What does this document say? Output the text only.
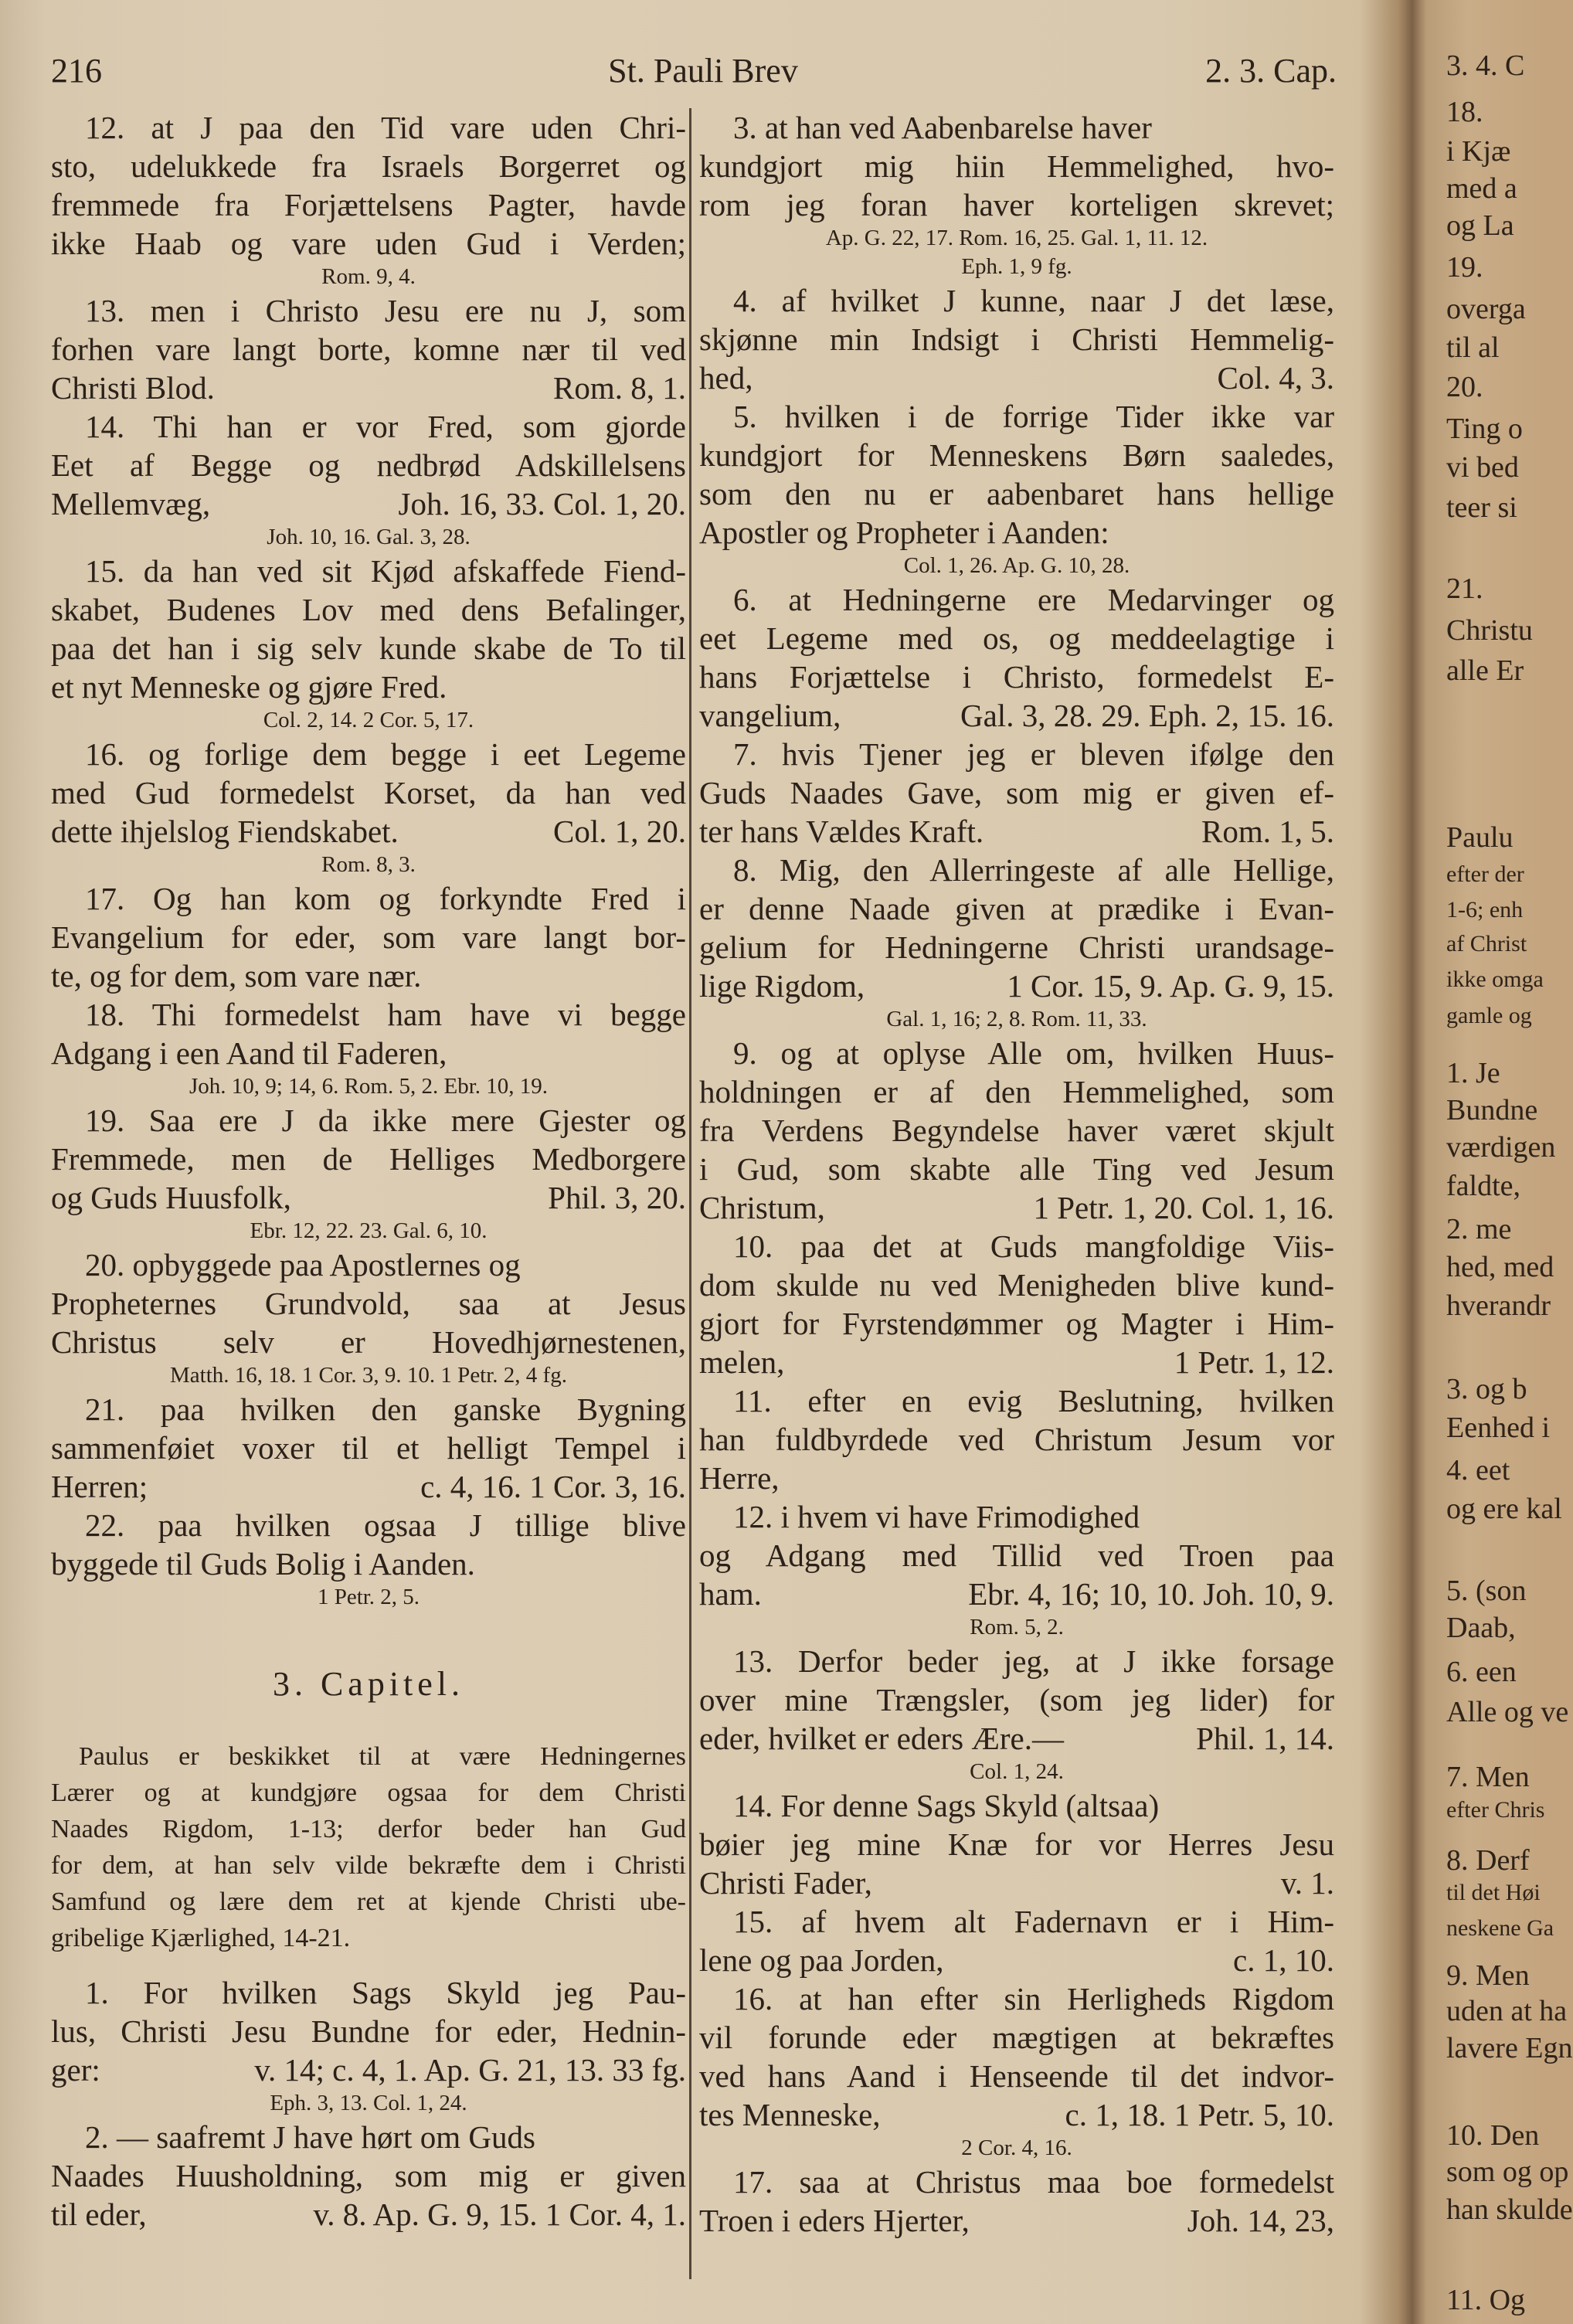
216	St. Pauli Brev	2. 3. Cap.
12. at J paa den Tid vare uden Chri-
sto, udelukkede fra Israels Borgerret og
fremmede fra Forjættelsens Pagter, havde
ikke Haab og vare uden Gud i Verden;
Rom. 9, 4.
13. men i Christo Jesu ere nu J, som
forhen vare langt borte, komne nær til ved
Christi Blod.	Rom. 8, 1.
14. Thi han er vor Fred, som gjorde
Eet af Begge og nedbrød Adskillelsens
Mellemvæg,	Joh. 16, 33. Col. 1, 20.
Joh. 10, 16. Gal. 3, 28.
15. da han ved sit Kjød afskaffede Fiend-
skabet, Budenes Lov med dens Befalinger,
paa det han i sig selv kunde skabe de To til
et nyt Menneske og gjøre Fred.
Col. 2, 14. 2 Cor. 5, 17.
16. og forlige dem begge i eet Legeme
med Gud formedelst Korset, da han ved
dette ihjelslog Fiendskabet.	Col. 1, 20.
Rom. 8, 3.
17. Og han kom og forkyndte Fred i
Evangelium for eder, som vare langt bor-
te, og for dem, som vare nær.
18. Thi formedelst ham have vi begge
Adgang i een Aand til Faderen,
Joh. 10, 9; 14, 6. Rom. 5, 2. Ebr. 10, 19.
19. Saa ere J da ikke mere Gjester og
Fremmede, men de Helliges Medborgere
og Guds Huusfolk,	Phil. 3, 20.
Ebr. 12, 22. 23. Gal. 6, 10.
20. opbyggede paa Apostlernes og
Propheternes Grundvold, saa at Jesus
Christus selv er Hovedhjørnestenen,
Matth. 16, 18. 1 Cor. 3, 9. 10. 1 Petr. 2, 4 fg.
21. paa hvilken den ganske Bygning
sammenføiet voxer til et helligt Tempel i
Herren;	c. 4, 16. 1 Cor. 3, 16.
22. paa hvilken ogsaa J tillige blive
byggede til Guds Bolig i Aanden.
1 Petr. 2, 5.
3. Capitel.
Paulus er beskikket til at være Hedningernes
Lærer og at kundgjøre ogsaa for dem Christi
Naades Rigdom, 1-13; derfor beder han Gud
for dem, at han selv vilde bekræfte dem i Christi
Samfund og lære dem ret at kjende Christi ube-
gribelige Kjærlighed, 14-21.
1. For hvilken Sags Skyld jeg Pau-
lus, Christi Jesu Bundne for eder, Hednin-
ger:	v. 14; c. 4, 1. Ap. G. 21, 13. 33 fg.
Eph. 3, 13. Col. 1, 24.
2. — saafremt J have hørt om Guds
Naades Huusholdning, som mig er given
til eder,	v. 8. Ap. G. 9, 15. 1 Cor. 4, 1.
3. at han ved Aabenbarelse haver
kundgjort mig hiin Hemmelighed, hvo-
rom jeg foran haver korteligen skrevet;
Ap. G. 22, 17. Rom. 16, 25. Gal. 1, 11. 12.
Eph. 1, 9 fg.
4. af hvilket J kunne, naar J det læse,
skjønne min Indsigt i Christi Hemmelig-
hed,	Col. 4, 3.
5. hvilken i de forrige Tider ikke var
kundgjort for Menneskens Børn saaledes,
som den nu er aabenbaret hans hellige
Apostler og Propheter i Aanden:
Col. 1, 26. Ap. G. 10, 28.
6. at Hedningerne ere Medarvinger og
eet Legeme med os, og meddeelagtige i
hans Forjættelse i Christo, formedelst E-
vangelium,	Gal. 3, 28. 29. Eph. 2, 15. 16.
7. hvis Tjener jeg er bleven ifølge den
Guds Naades Gave, som mig er given ef-
ter hans Vældes Kraft.	Rom. 1, 5.
8. Mig, den Allerringeste af alle Hellige,
er denne Naade given at prædike i Evan-
gelium for Hedningerne Christi urandsage-
lige Rigdom,	1 Cor. 15, 9. Ap. G. 9, 15.
Gal. 1, 16; 2, 8. Rom. 11, 33.
9. og at oplyse Alle om, hvilken Huus-
holdningen er af den Hemmelighed, som
fra Verdens Begyndelse haver været skjult
i Gud, som skabte alle Ting ved Jesum
Christum,	1 Petr. 1, 20. Col. 1, 16.
10. paa det at Guds mangfoldige Viis-
dom skulde nu ved Menigheden blive kund-
gjort for Fyrstendømmer og Magter i Him-
melen,	1 Petr. 1, 12.
11. efter en evig Beslutning, hvilken
han fuldbyrdede ved Christum Jesum vor
Herre,
12. i hvem vi have Frimodighed
og Adgang med Tillid ved Troen paa
ham.	Ebr. 4, 16; 10, 10. Joh. 10, 9.
Rom. 5, 2.
13. Derfor beder jeg, at J ikke forsage
over mine Trængsler, (som jeg lider) for
eder, hvilket er eders Ære.—	Phil. 1, 14.
Col. 1, 24.
14. For denne Sags Skyld (altsaa)
bøier jeg mine Knæ for vor Herres Jesu
Christi Fader,	v. 1.
15. af hvem alt Fadernavn er i Him-
lene og paa Jorden,	c. 1, 10.
16. at han efter sin Herligheds Rigdom
vil forunde eder mægtigen at bekræftes
ved hans Aand i Henseende til det indvor-
tes Menneske,	c. 1, 18. 1 Petr. 5, 10.
2 Cor. 4, 16.
17. saa at Christus maa boe formedelst
Troen i eders Hjerter,	Joh. 14, 23,
3. 4. C
18.
i Kjæ
med a
og La
19.
overga
til al
20.
Ting o
vi bed
teer si
21.
Christu
alle Er
Paulu
efter der
1-6; enh
af Christ
ikke omga
gamle og
1. Je
Bundne
værdigen
faldte,
2. me
hed, med
hverandr
3. og b
Eenhed i
4. eet
og ere kal
5. (son
Daab,
6. een
Alle og ve
7. Men
efter Chris
8. Derf
til det Høi
neskene Ga
9. Men
uden at ha
lavere Egn
10. Den
som og op
han skulde
11. Og
